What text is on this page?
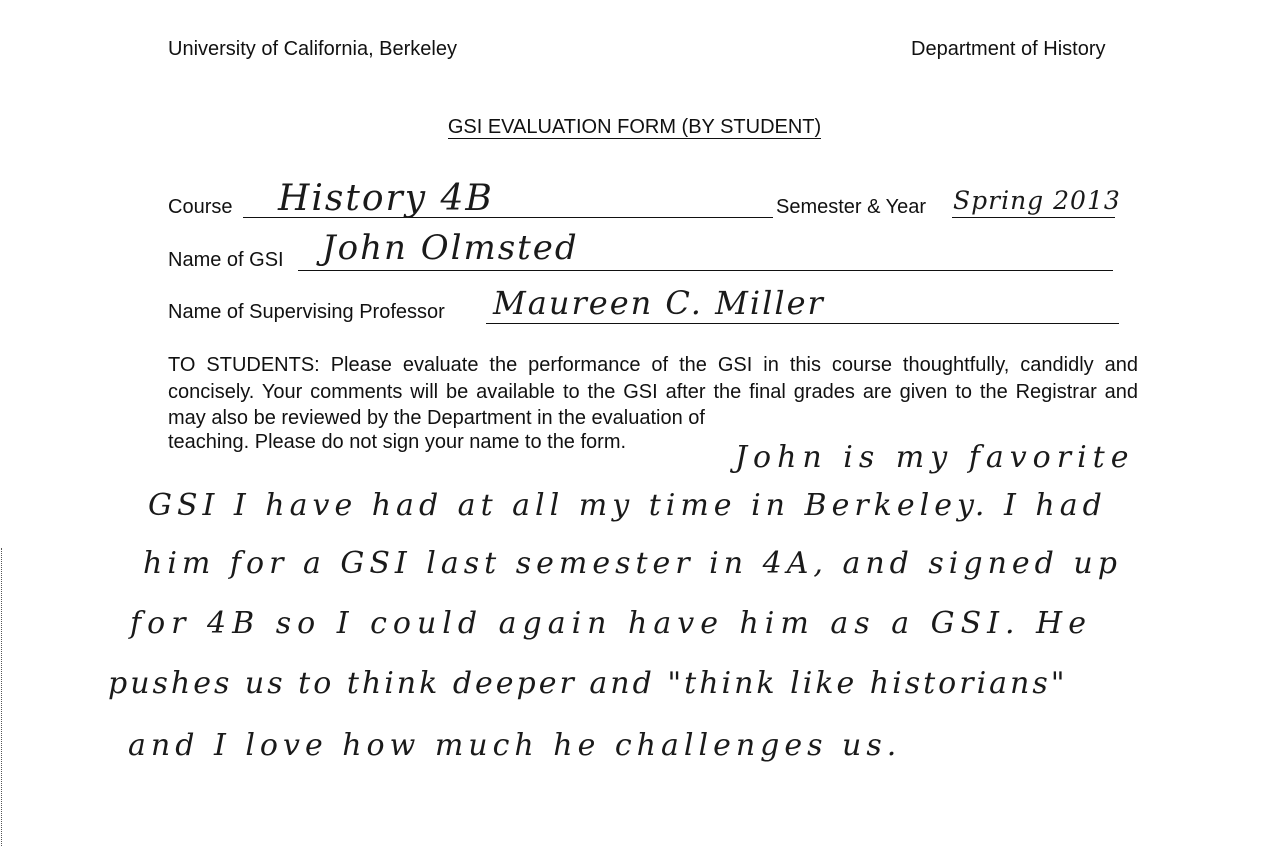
University of California, Berkeley	Department of History
GSI EVALUATION FORM (BY STUDENT)
Course History 4B	Semester & Year Spring 2013
Name of GSI John Olmsted
Name of Supervising Professor Maureen C. Miller
TO STUDENTS: Please evaluate the performance of the GSI in this course thoughtfully, candidly and concisely. Your comments will be available to the GSI after the final grades are given to the Registrar and may also be reviewed by the Department in the evaluation of
teaching. Please do not sign your name to the form.	John is my favorite
GSI I have had at all my time in Berkeley. I had
him for a GSI last semester in 4A, and signed up
for 4B so I could again have him as a GSI. He
pushes us to think deeper and "think like historians"
and I love how much he challenges us.
